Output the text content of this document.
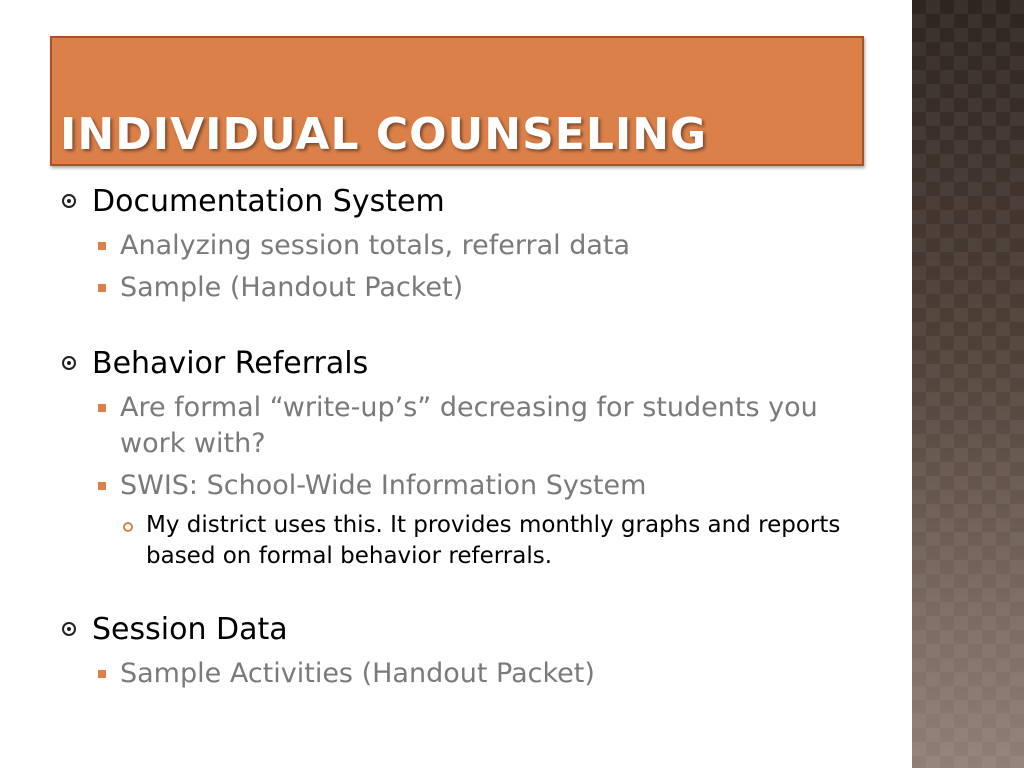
INDIVIDUAL COUNSELING
Documentation System
Analyzing session totals, referral data
Sample (Handout Packet)
Behavior Referrals
Are formal “write-up’s” decreasing for students you work with?
SWIS: School-Wide Information System
My district uses this. It provides monthly graphs and reports based on formal behavior referrals.
Session Data
Sample Activities (Handout Packet)
